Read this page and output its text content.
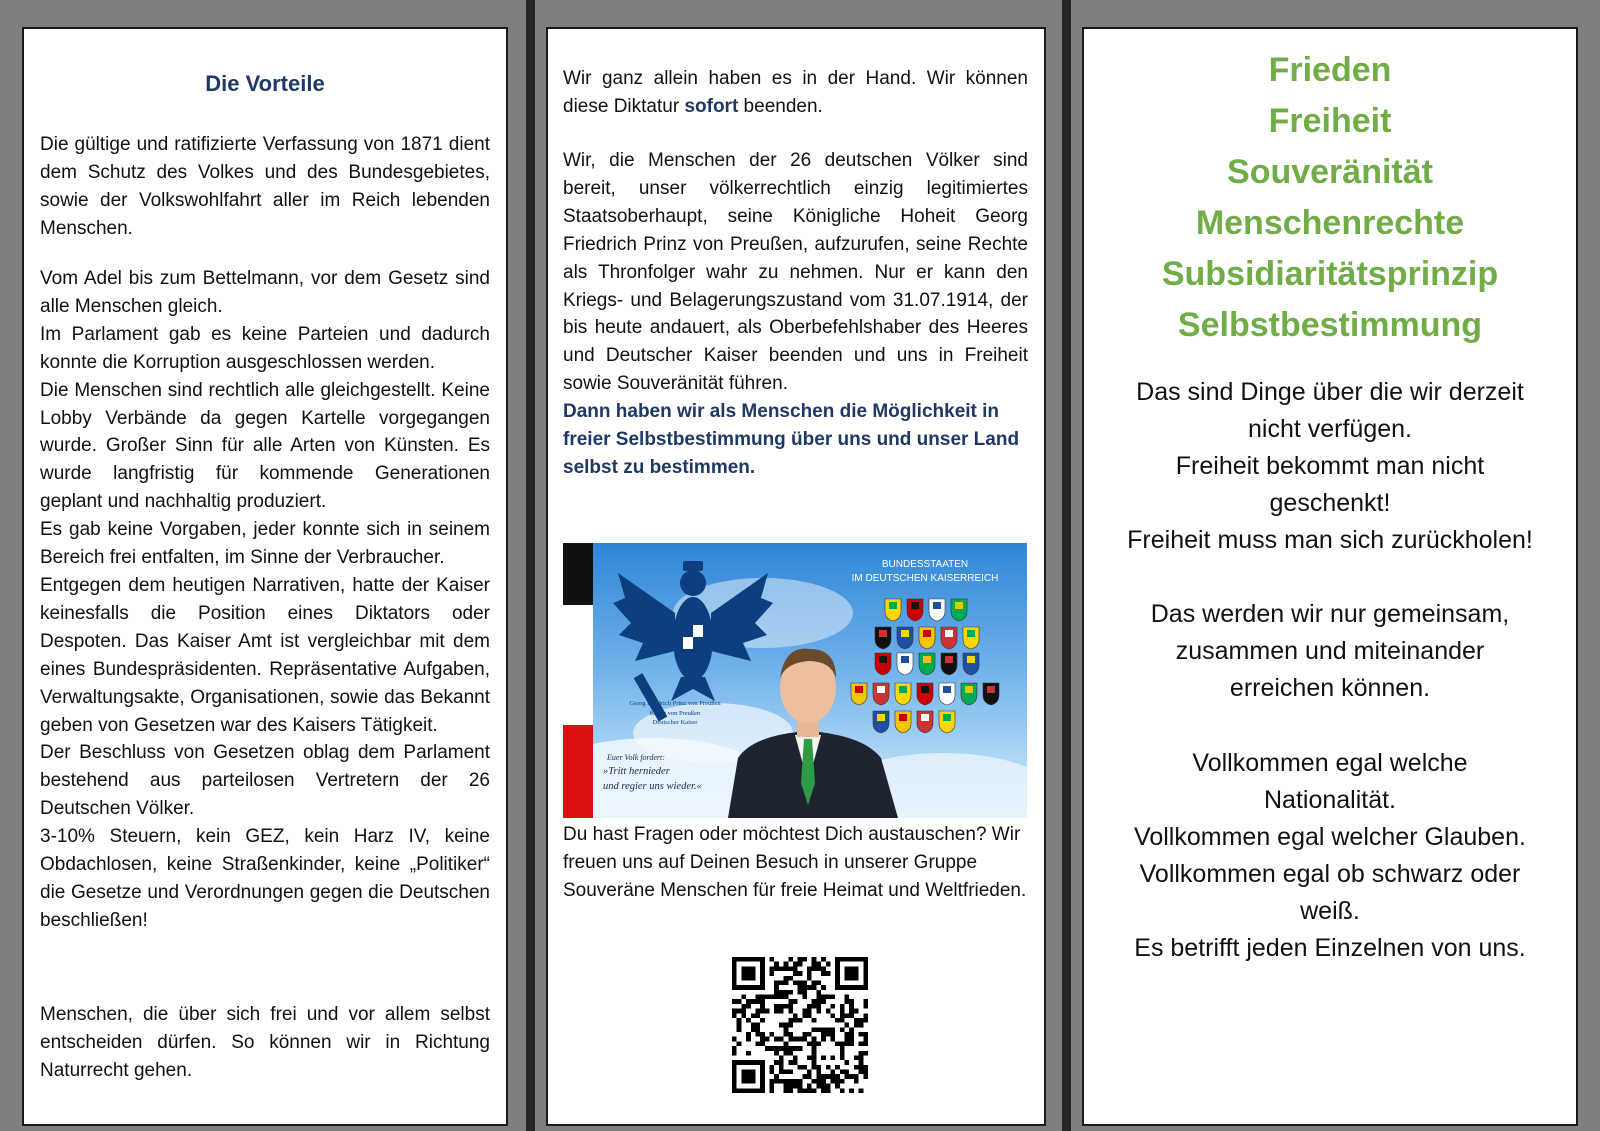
Die Vorteile

Die gültige und ratifizierte Verfassung von 1871 dient dem Schutz des Volkes und des Bundesgebietes, sowie der Volkswohlfahrt aller im Reich lebenden Menschen.

Vom Adel bis zum Bettelmann, vor dem Gesetz sind alle Menschen gleich.

Im Parlament gab es keine Parteien und dadurch konnte die Korruption ausgeschlossen werden.

Die Menschen sind rechtlich alle gleichgestellt. Keine Lobby Verbände da gegen Kartelle vorgegangen wurde. Großer Sinn für alle Arten von Künsten. Es wurde langfristig für kommende Generationen geplant und nachhaltig produziert.

Es gab keine Vorgaben, jeder konnte sich in seinem Bereich frei entfalten, im Sinne der Verbraucher.

Entgegen dem heutigen Narrativen, hatte der Kaiser keinesfalls die Position eines Diktators oder Despoten. Das Kaiser Amt ist vergleichbar mit dem eines Bundespräsidenten. Repräsentative Aufgaben, Verwaltungsakte, Organisationen, sowie das Bekannt geben von Gesetzen war des Kaisers Tätigkeit.

Der Beschluss von Gesetzen oblag dem Parlament bestehend aus parteilosen Vertretern der 26 Deutschen Völker.

3-10% Steuern, kein GEZ, kein Harz IV, keine Obdachlosen, keine Straßenkinder, keine „Politiker“ die Gesetze und Verordnungen gegen die Deutschen beschließen!

Menschen, die über sich frei und vor allem selbst entscheiden dürfen. So können wir in Richtung Naturrecht gehen.

Wir ganz allein haben es in der Hand. Wir können diese Diktatur sofort beenden.

Wir, die Menschen der 26 deutschen Völker sind bereit, unser völkerrechtlich einzig legitimiertes Staatsoberhaupt, seine Königliche Hoheit Georg Friedrich Prinz von Preußen, aufzurufen, seine Rechte als Thronfolger wahr zu nehmen. Nur er kann den Kriegs- und Belagerungszustand vom 31.07.1914, der bis heute andauert, als Oberbefehlshaber des Heeres und Deutscher Kaiser beenden und uns in Freiheit sowie Souveränität führen.

Dann haben wir als Menschen die Möglichkeit in freier Selbstbestimmung über uns und unser Land selbst zu bestimmen.

BUNDESSTAATEN
IM DEUTSCHEN KAISERREICH
Georg Friedrich Prinz von Preußen
König von Preußen
Deutscher Kaiser
Euer Volk fordert:
»Tritt hernieder
und regier uns wieder.«

Du hast Fragen oder möchtest Dich austauschen? Wir freuen uns auf Deinen Besuch in unserer Gruppe Souveräne Menschen für freie Heimat und Weltfrieden.

Frieden
Freiheit
Souveränität
Menschenrechte
Subsidiaritätsprinzip
Selbstbestimmung
Das sind Dinge über die wir derzeit
nicht verfügen.
Freiheit bekommt man nicht
geschenkt!
Freiheit muss man sich zurückholen!
Das werden wir nur gemeinsam,
zusammen und miteinander
erreichen können.
Vollkommen egal welche
Nationalität.
Vollkommen egal welcher Glauben.
Vollkommen egal ob schwarz oder
weiß.
Es betrifft jeden Einzelnen von uns.
